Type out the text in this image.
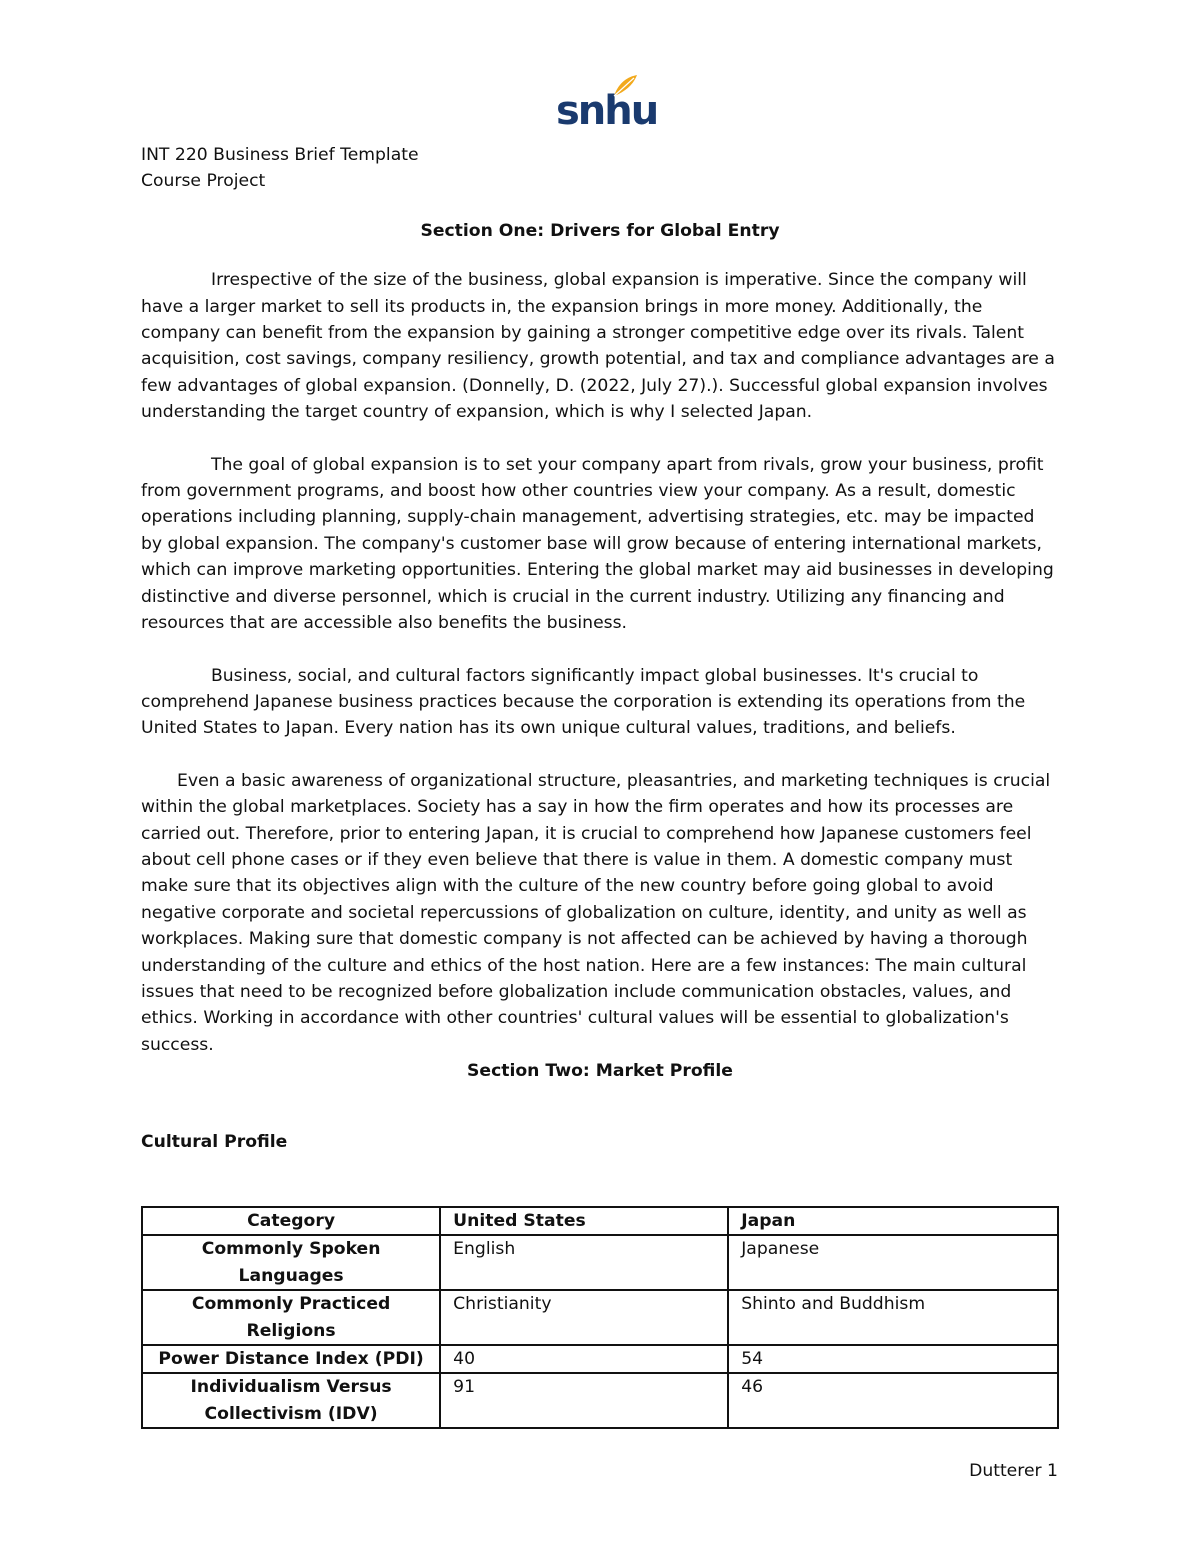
snhu

INT 220 Business Brief Template

Course Project

Section One: Drivers for Global Entry

Irrespective of the size of the business, global expansion is imperative. Since the company will have a larger market to sell its products in, the expansion brings in more money. Additionally, the company can benefit from the expansion by gaining a stronger competitive edge over its rivals. Talent acquisition, cost savings, company resiliency, growth potential, and tax and compliance advantages are a few advantages of global expansion. (Donnelly, D. (2022, July 27).). Successful global expansion involves understanding the target country of expansion, which is why I selected Japan.

The goal of global expansion is to set your company apart from rivals, grow your business, profit from government programs, and boost how other countries view your company. As a result, domestic operations including planning, supply-chain management, advertising strategies, etc. may be impacted by global expansion. The company's customer base will grow because of entering international markets, which can improve marketing opportunities. Entering the global market may aid businesses in developing distinctive and diverse personnel, which is crucial in the current industry. Utilizing any financing and resources that are accessible also benefits the business.

Business, social, and cultural factors significantly impact global businesses. It's crucial to comprehend Japanese business practices because the corporation is extending its operations from the United States to Japan. Every nation has its own unique cultural values, traditions, and beliefs.

Even a basic awareness of organizational structure, pleasantries, and marketing techniques is crucial within the global marketplaces. Society has a say in how the firm operates and how its processes are carried out. Therefore, prior to entering Japan, it is crucial to comprehend how Japanese customers feel about cell phone cases or if they even believe that there is value in them. A domestic company must make sure that its objectives align with the culture of the new country before going global to avoid negative corporate and societal repercussions of globalization on culture, identity, and unity as well as workplaces. Making sure that domestic company is not affected can be achieved by having a thorough understanding of the culture and ethics of the host nation. Here are a few instances: The main cultural issues that need to be recognized before globalization include communication obstacles, values, and ethics. Working in accordance with other countries' cultural values will be essential to globalization's success.

Section Two: Market Profile

Cultural Profile

Category	United States	Japan
Commonly Spoken Languages	English	Japanese
Commonly Practiced Religions	Christianity	Shinto and Buddhism
Power Distance Index (PDI)	40	54
Individualism Versus Collectivism (IDV)	91	46
Dutterer 1
